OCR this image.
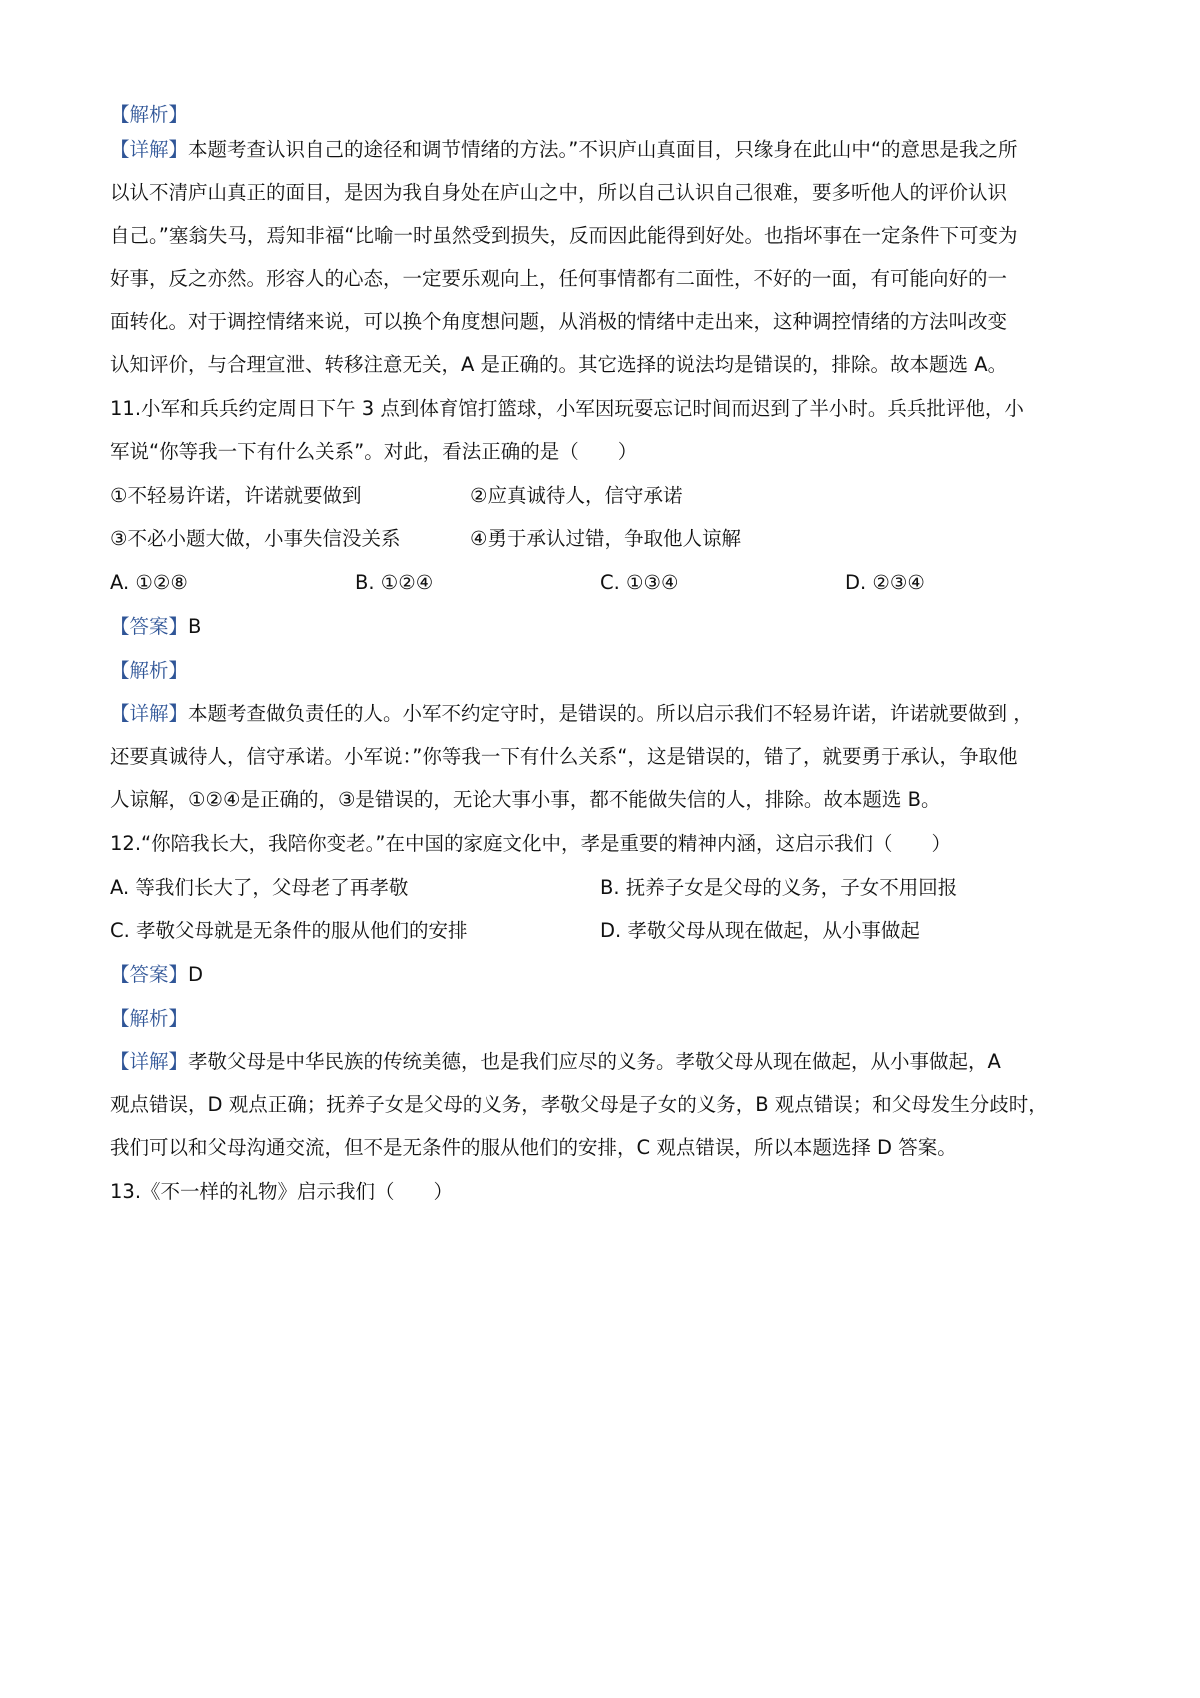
【解析】
【详解】本题考查认识自己的途径和调节情绪的方法。”不识庐山真面目，只缘身在此山中“的意思是我之所
以认不清庐山真正的面目，是因为我自身处在庐山之中，所以自己认识自己很难，要多听他人的评价认识
自己。”塞翁失马，焉知非福“比喻一时虽然受到损失，反而因此能得到好处。也指坏事在一定条件下可变为
好事，反之亦然。形容人的心态，一定要乐观向上，任何事情都有二面性，不好的一面，有可能向好的一
面转化。对于调控情绪来说，可以换个角度想问题，从消极的情绪中走出来，这种调控情绪的方法叫改变
认知评价，与合理宣泄、转移注意无关，A 是正确的。其它选择的说法均是错误的，排除。故本题选 A。
11.小军和兵兵约定周日下午 3 点到体育馆打篮球，小军因玩耍忘记时间而迟到了半小时。兵兵批评他，小
军说“你等我一下有什么关系”。对此，看法正确的是（　　）
①不轻易许诺，许诺就要做到	②应真诚待人，信守承诺
③不必小题大做，小事失信没关系	④勇于承认过错，争取他人谅解
A. ①②⑧	B. ①②④	C. ①③④	D. ②③④
【答案】B
【解析】
【详解】本题考查做负责任的人。小军不约定守时，是错误的。所以启示我们不轻易许诺，许诺就要做到 ，
还要真诚待人，信守承诺。小军说：”你等我一下有什么关系“，这是错误的，错了，就要勇于承认，争取他
人谅解，①②④是正确的，③是错误的，无论大事小事，都不能做失信的人，排除。故本题选 B。
12.“你陪我长大，我陪你变老。”在中国的家庭文化中，孝是重要的精神内涵，这启示我们（　　）
A. 等我们长大了，父母老了再孝敬	B. 抚养子女是父母的义务，子女不用回报
C. 孝敬父母就是无条件的服从他们的安排	D. 孝敬父母从现在做起，从小事做起
【答案】D
【解析】
【详解】孝敬父母是中华民族的传统美德，也是我们应尽的义务。孝敬父母从现在做起，从小事做起，A
观点错误，D 观点正确；抚养子女是父母的义务，孝敬父母是子女的义务，B 观点错误；和父母发生分歧时，
我们可以和父母沟通交流，但不是无条件的服从他们的安排，C 观点错误，所以本题选择 D 答案。
13.《不一样的礼物》启示我们（　　）
